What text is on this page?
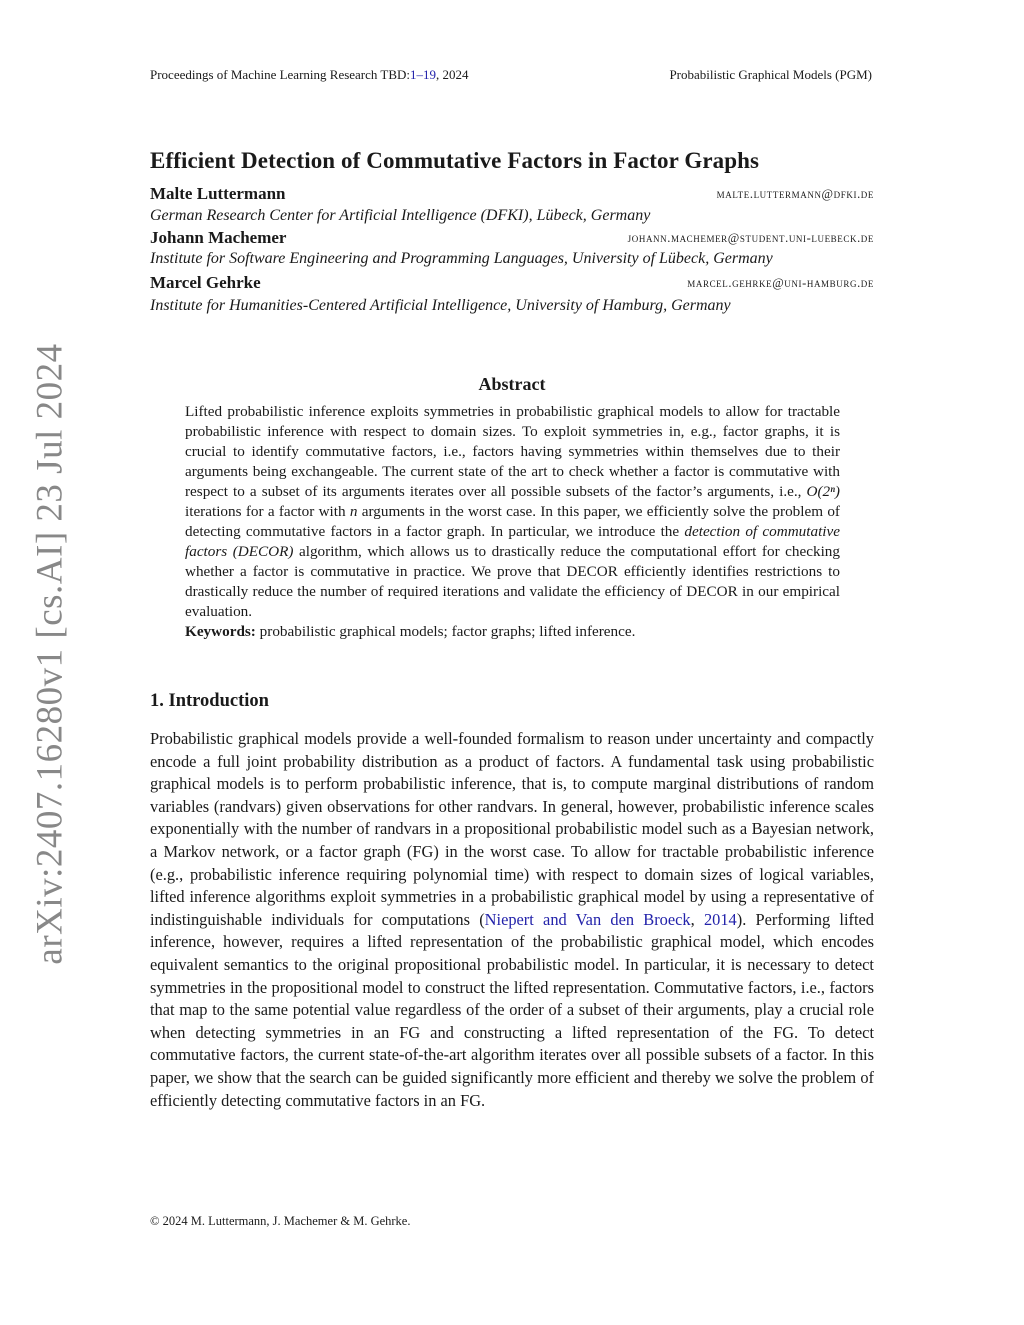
Proceedings of Machine Learning Research TBD:1–19, 2024	Probabilistic Graphical Models (PGM)
Efficient Detection of Commutative Factors in Factor Graphs
Malte Luttermann	malte.luttermann@dfki.de
German Research Center for Artificial Intelligence (DFKI), Lübeck, Germany
Johann Machemer	johann.machemer@student.uni-luebeck.de
Institute for Software Engineering and Programming Languages, University of Lübeck, Germany
Marcel Gehrke	marcel.gehrke@uni-hamburg.de
Institute for Humanities-Centered Artificial Intelligence, University of Hamburg, Germany
arXiv:2407.16280v1 [cs.AI] 23 Jul 2024	Abstract

Lifted probabilistic inference exploits symmetries in probabilistic graphical models to allow for tractable probabilistic inference with respect to domain sizes. To exploit symmetries in, e.g., factor graphs, it is crucial to identify commutative factors, i.e., factors having symmetries within themselves due to their arguments being exchangeable. The current state of the art to check whether a factor is commutative with respect to a subset of its arguments iterates over all possible subsets of the factor’s arguments, i.e., O(2ⁿ) iterations for a factor with n arguments in the worst case. In this paper, we efficiently solve the problem of detecting commutative factors in a factor graph. In particular, we introduce the detection of commutative factors (DECOR) algorithm, which allows us to drastically reduce the computational effort for checking whether a factor is commutative in practice. We prove that DECOR efficiently identifies restrictions to drastically reduce the number of required iterations and validate the efficiency of DECOR in our empirical evaluation.

Keywords: probabilistic graphical models; factor graphs; lifted inference.

1. Introduction

Probabilistic graphical models provide a well-founded formalism to reason under uncertainty and compactly encode a full joint probability distribution as a product of factors. A fundamental task using probabilistic graphical models is to perform probabilistic inference, that is, to compute marginal distributions of random variables (randvars) given observations for other randvars. In general, however, probabilistic inference scales exponentially with the number of randvars in a propositional probabilistic model such as a Bayesian network, a Markov network, or a factor graph (FG) in the worst case. To allow for tractable probabilistic inference (e.g., probabilistic inference requiring polynomial time) with respect to domain sizes of logical variables, lifted inference algorithms exploit symmetries in a probabilistic graphical model by using a representative of indistinguishable individuals for computations (Niepert and Van den Broeck, 2014). Performing lifted inference, however, requires a lifted representation of the probabilistic graphical model, which encodes equivalent semantics to the original propositional probabilistic model. In particular, it is necessary to detect symmetries in the propositional model to construct the lifted representation. Commutative factors, i.e., factors that map to the same potential value regardless of the order of a subset of their arguments, play a crucial role when detecting symmetries in an FG and constructing a lifted representation of the FG. To detect commutative factors, the current state-of-the-art algorithm iterates over all possible subsets of a factor. In this paper, we show that the search can be guided significantly more efficient and thereby we solve the problem of efficiently detecting commutative factors in an FG.

© 2024 M. Luttermann, J. Machemer & M. Gehrke.
